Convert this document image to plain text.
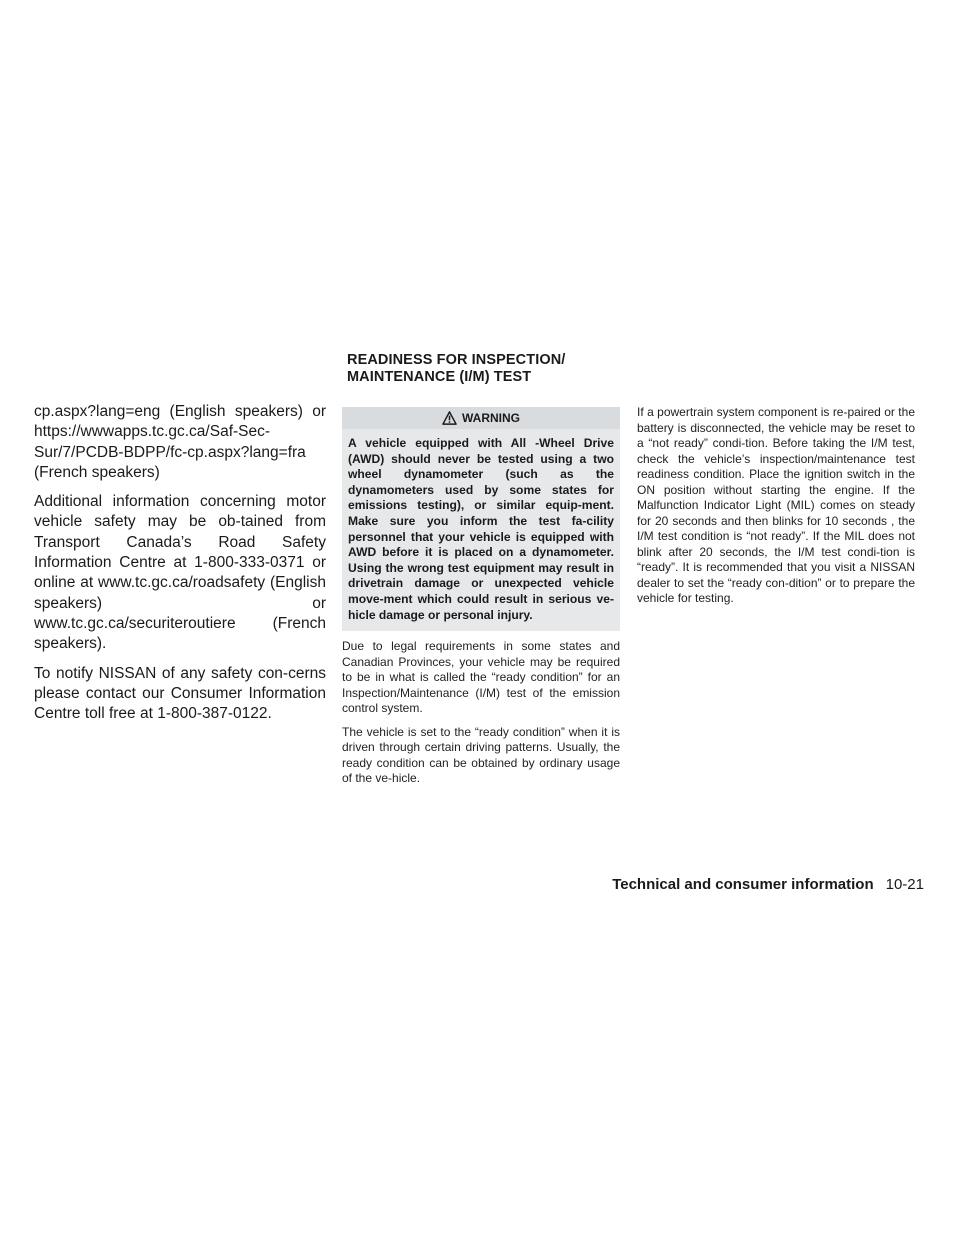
cp.aspx?lang=eng (English speakers) or https://wwwapps.tc.gc.ca/Saf-Sec-Sur/7/PCDB-BDPP/fc-cp.aspx?lang=fra (French speakers)

Additional information concerning motor vehicle safety may be ob-tained from Transport Canada’s Road Safety Information Centre at 1-800-333-0371 or online at www.tc.gc.ca/roadsafety (English speakers) or www.tc.gc.ca/securiteroutiere (French speakers).

To notify NISSAN of any safety con-cerns please contact our Consumer Information Centre toll free at 1-800-387-0122.

READINESS FOR INSPECTION/
MAINTENANCE (I/M) TEST
WARNING
A vehicle equipped with All -Wheel Drive (AWD) should never be tested using a two wheel dynamometer (such as the dynamometers used by some states for emissions testing), or similar equip-ment. Make sure you inform the test fa-cility personnel that your vehicle is equipped with AWD before it is placed on a dynamometer. Using the wrong test equipment may result in drivetrain damage or unexpected vehicle move-ment which could result in serious ve-hicle damage or personal injury.

Due to legal requirements in some states and Canadian Provinces, your vehicle may be required to be in what is called the “ready condition” for an Inspection/Maintenance (I/M) test of the emission control system.

The vehicle is set to the “ready condition” when it is driven through certain driving patterns. Usually, the ready condition can be obtained by ordinary usage of the ve-hicle.

If a powertrain system component is re-paired or the battery is disconnected, the vehicle may be reset to a “not ready” condi-tion. Before taking the I/M test, check the vehicle’s inspection/maintenance test readiness condition. Place the ignition switch in the ON position without starting the engine. If the Malfunction Indicator Light (MIL) comes on steady for 20 seconds and then blinks for 10 seconds , the I/M test condition is “not ready”. If the MIL does not blink after 20 seconds, the I/M test condi-tion is “ready”. It is recommended that you visit a NISSAN dealer to set the “ready con-dition” or to prepare the vehicle for testing.

Technical and consumer information 10-21
